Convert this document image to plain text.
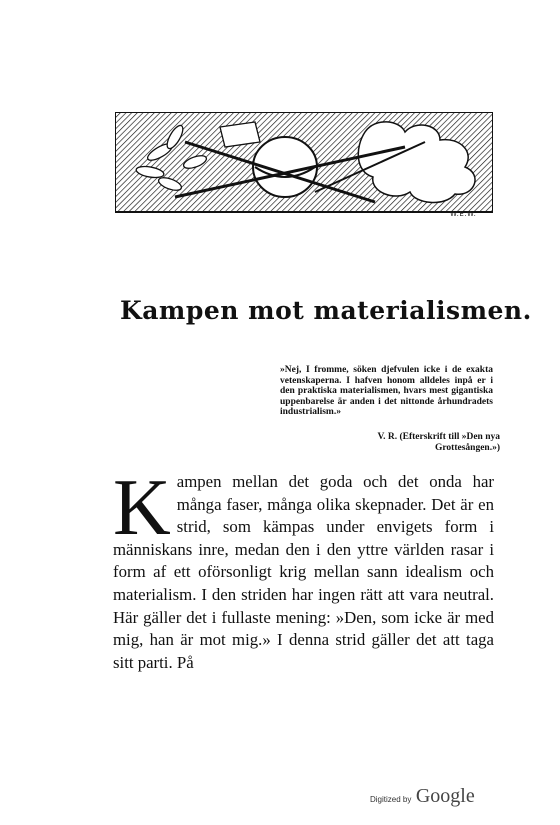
W.E.W.
Kampen mot materialismen.
»Nej, I fromme, söken djefvulen icke i de exakta vetenskaperna. I hafven honom alldeles inpå er i den praktiska materialismen, hvars mest gigantiska uppenbarelse är anden i det nittonde århundradets industrialism.»
V. R. (Efterskrift till »Den nya
Grottesången.»)
Kampen mellan det goda och det onda har många faser, många olika skepnader. Det är en strid, som kämpas under envigets form i människans inre, medan den i den yttre världen rasar i form af ett oförsonligt krig mellan sann idealism och materialism. I den striden har ingen rätt att vara neutral. Här gäller det i fullaste mening: »Den, som icke är med mig, han är mot mig.» I denna strid gäller det att taga sitt parti. På
Digitized by Google
